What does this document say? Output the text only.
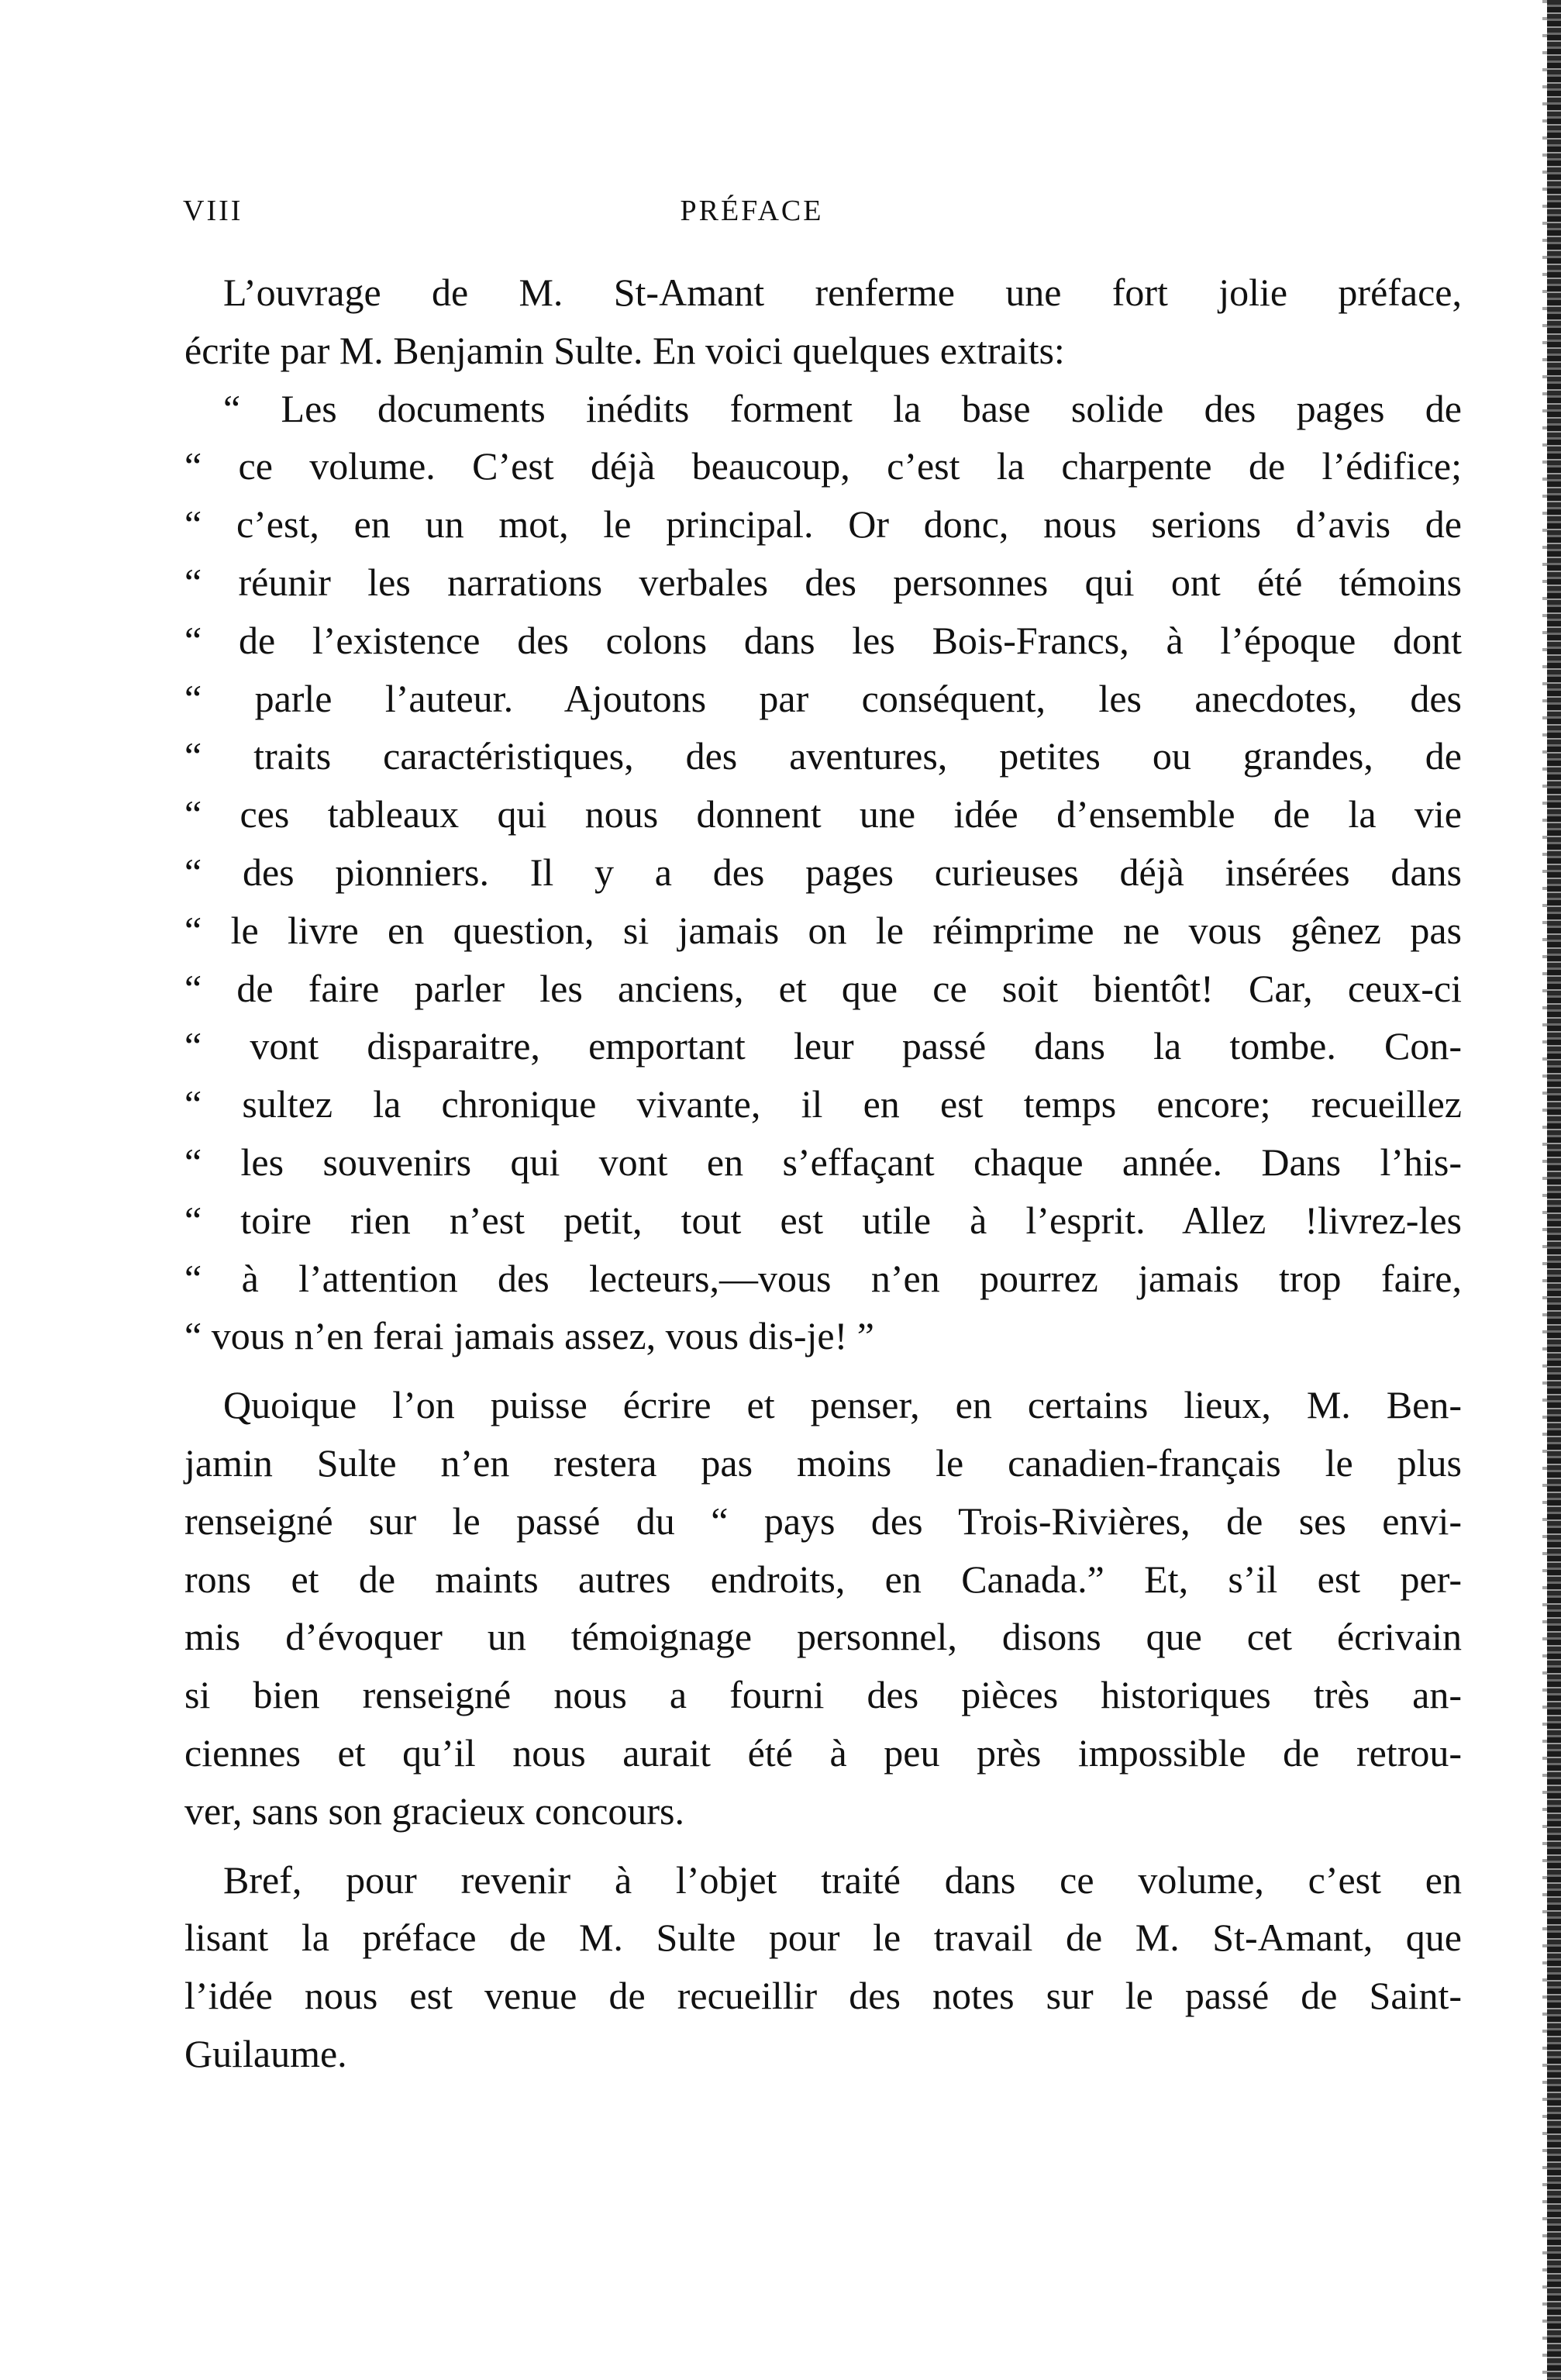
VIII	PRÉFACE
L’ouvrage de M. St-Amant renferme une fort jolie préface,
écrite par M. Benjamin Sulte. En voici quelques extraits:
“ Les documents inédits forment la base solide des pages de
“ ce volume. C’est déjà beaucoup, c’est la charpente de l’édifice;
“ c’est, en un mot, le principal. Or donc, nous serions d’avis de
“ réunir les narrations verbales des personnes qui ont été témoins
“ de l’existence des colons dans les Bois-Francs, à l’époque dont
“ parle l’auteur. Ajoutons par conséquent, les anecdotes, des
“ traits caractéristiques, des aventures, petites ou grandes, de
“ ces tableaux qui nous donnent une idée d’ensemble de la vie
“ des pionniers. Il y a des pages curieuses déjà insérées dans
“ le livre en question, si jamais on le réimprime ne vous gênez pas
“ de faire parler les anciens, et que ce soit bientôt! Car, ceux-ci
“ vont disparaitre, emportant leur passé dans la tombe. Con-
“ sultez la chronique vivante, il en est temps encore; recueillez
“ les souvenirs qui vont en s’effaçant chaque année. Dans l’his-
“ toire rien n’est petit, tout est utile à l’esprit. Allez !livrez-les
“ à l’attention des lecteurs,—vous n’en pourrez jamais trop faire,
“ vous n’en ferai jamais assez, vous dis-je! ”
Quoique l’on puisse écrire et penser, en certains lieux, M. Ben-
jamin Sulte n’en restera pas moins le canadien-français le plus
renseigné sur le passé du “ pays des Trois-Rivières, de ses envi-
rons et de maints autres endroits, en Canada.” Et, s’il est per-
mis d’évoquer un témoignage personnel, disons que cet écrivain
si bien renseigné nous a fourni des pièces historiques très an-
ciennes et qu’il nous aurait été à peu près impossible de retrou-
ver, sans son gracieux concours.
Bref, pour revenir à l’objet traité dans ce volume, c’est en
lisant la préface de M. Sulte pour le travail de M. St-Amant, que
l’idée nous est venue de recueillir des notes sur le passé de Saint-
Guilaume.
